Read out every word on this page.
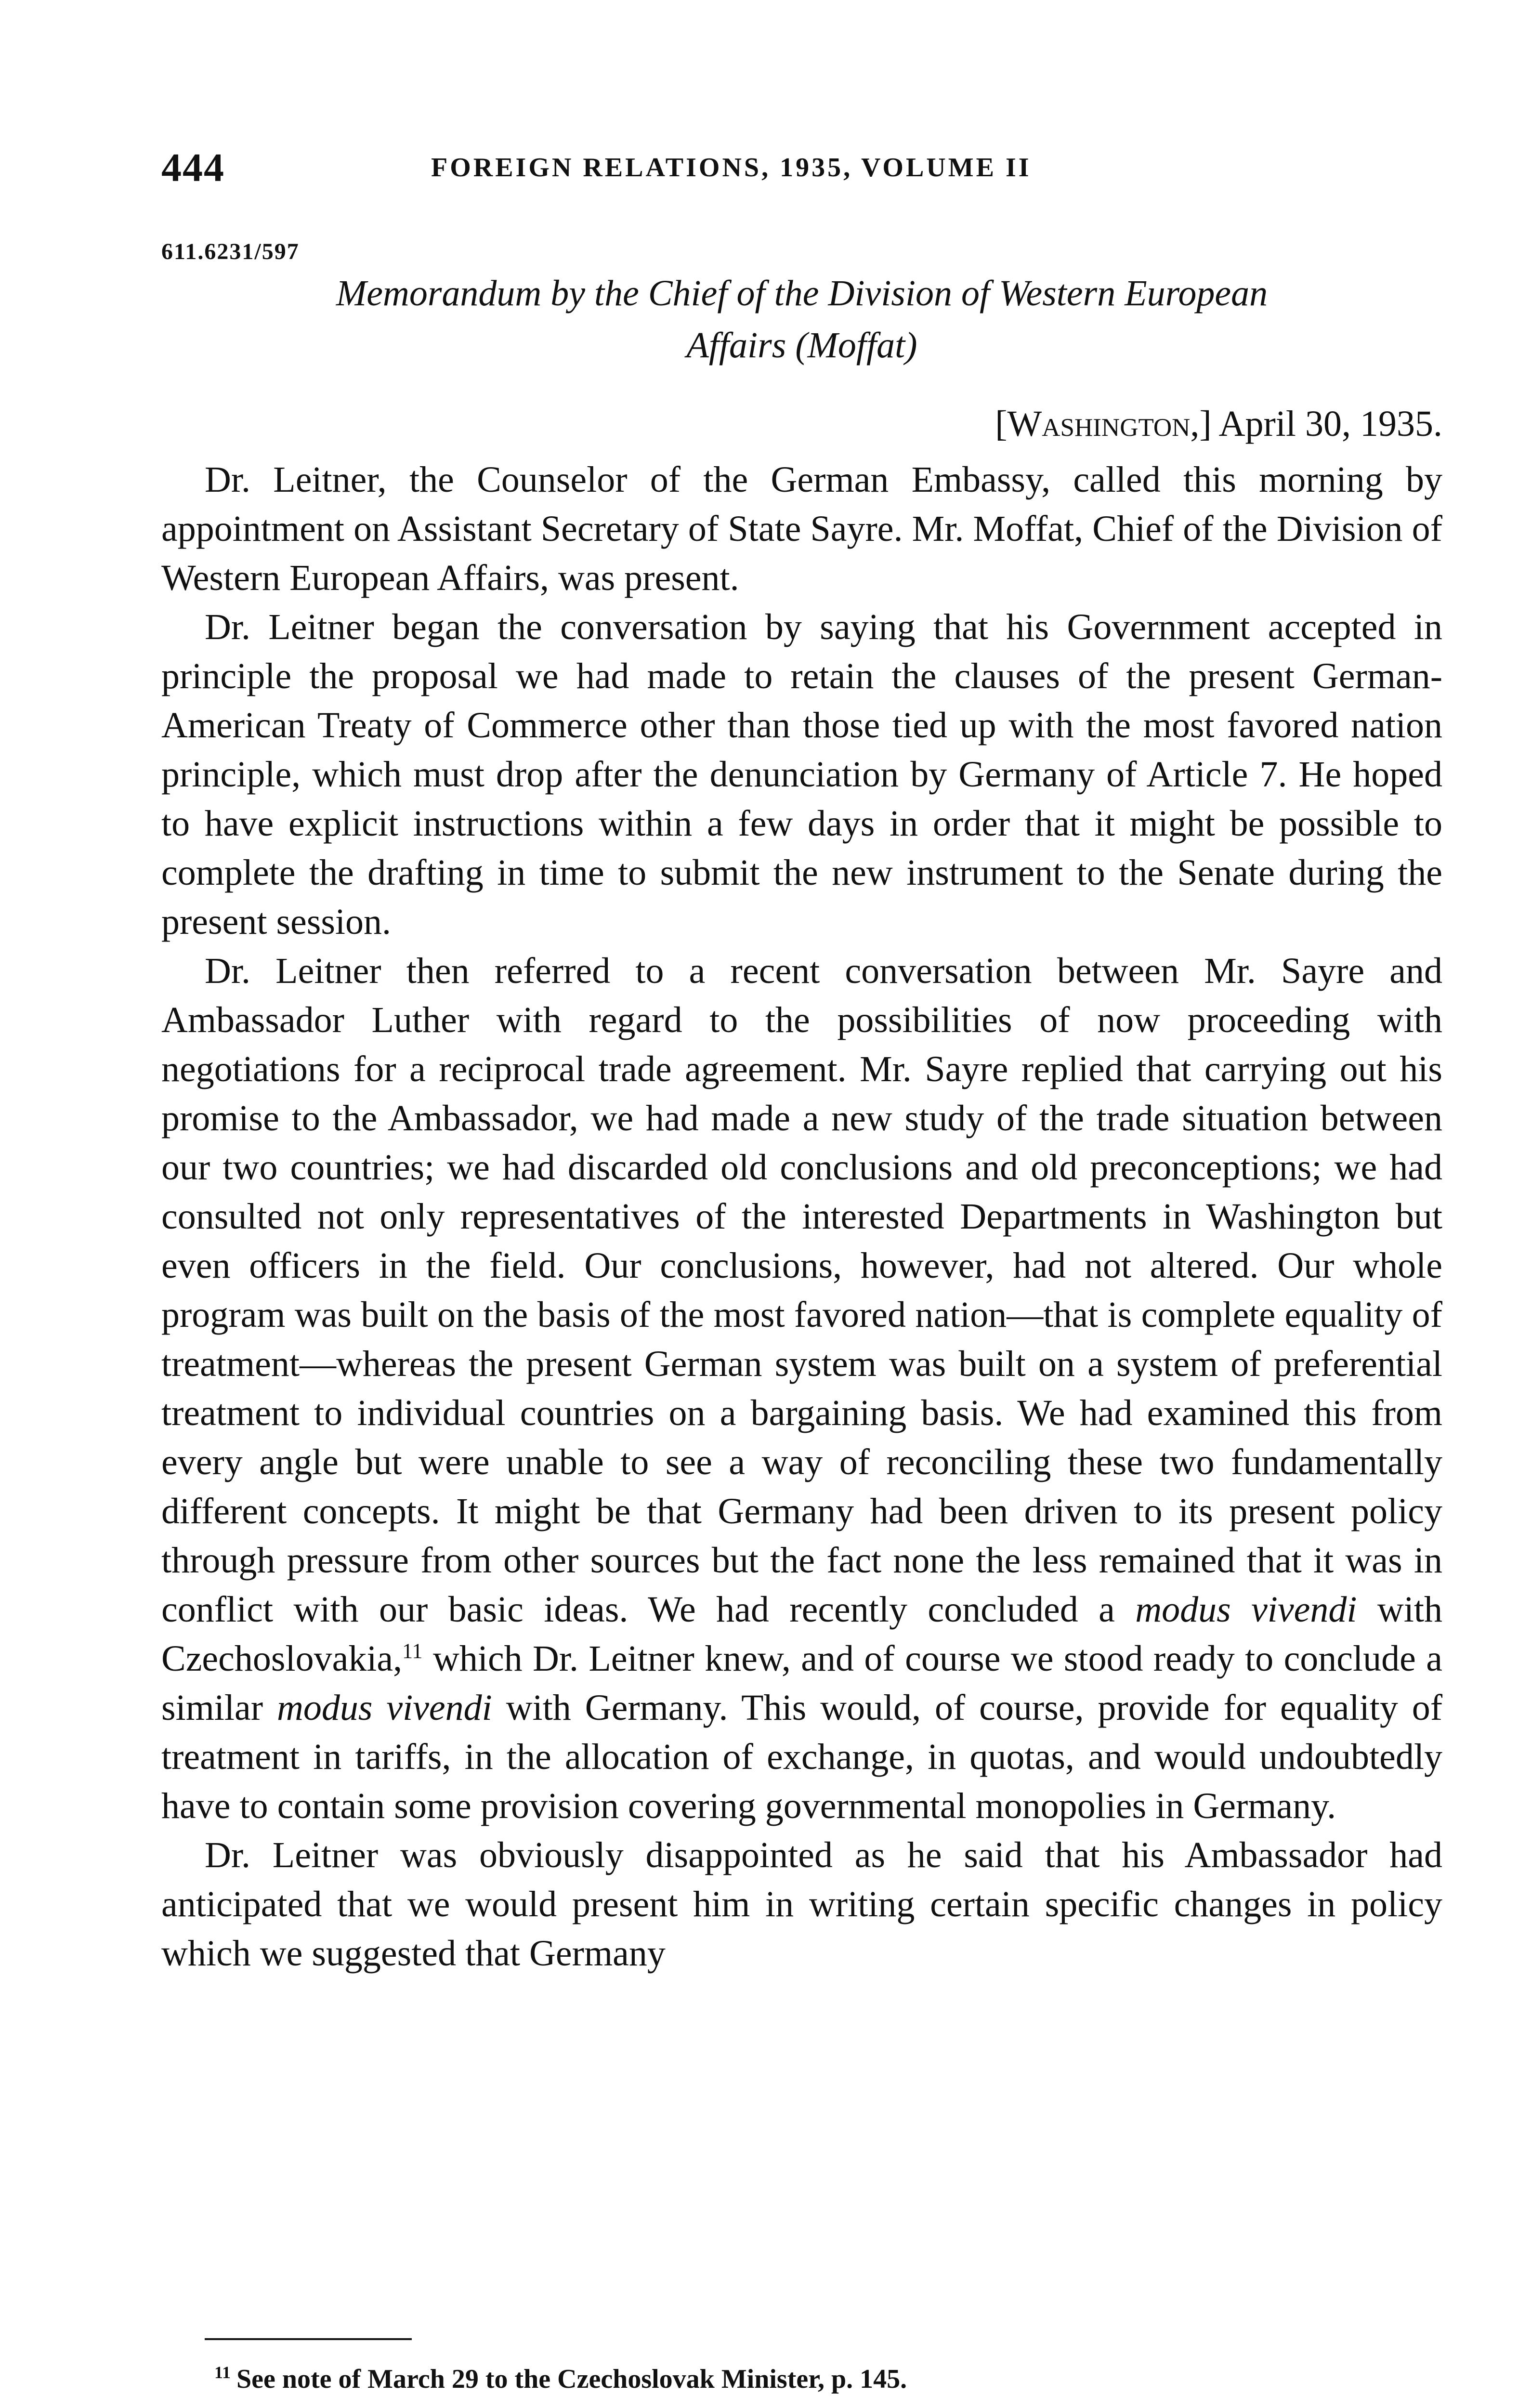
444	FOREIGN RELATIONS, 1935, VOLUME II
611.6231/597
Memorandum by the Chief of the Division of Western European
Affairs (Moffat)
[Washington,] April 30, 1935.

Dr. Leitner, the Counselor of the German Embassy, called this morning by appointment on Assistant Secretary of State Sayre. Mr. Moffat, Chief of the Division of Western European Affairs, was present.

Dr. Leitner began the conversation by saying that his Government accepted in principle the proposal we had made to retain the clauses of the present German-American Treaty of Commerce other than those tied up with the most favored nation principle, which must drop after the denunciation by Germany of Article 7. He hoped to have explicit instructions within a few days in order that it might be possible to complete the drafting in time to submit the new instrument to the Senate during the present session.

Dr. Leitner then referred to a recent conversation between Mr. Sayre and Ambassador Luther with regard to the possibilities of now proceeding with negotiations for a reciprocal trade agreement. Mr. Sayre replied that carrying out his promise to the Ambassador, we had made a new study of the trade situation between our two countries; we had discarded old conclusions and old preconceptions; we had consulted not only representatives of the interested Departments in Washington but even officers in the field. Our conclusions, however, had not altered. Our whole program was built on the basis of the most favored nation—that is complete equality of treatment—whereas the present German system was built on a system of preferential treatment to individual countries on a bargaining basis. We had examined this from every angle but were unable to see a way of reconciling these two fundamentally different concepts. It might be that Germany had been driven to its present policy through pressure from other sources but the fact none the less remained that it was in conflict with our basic ideas. We had recently concluded a modus vivendi with Czechoslovakia,$^{11}$ which Dr. Leitner knew, and of course we stood ready to conclude a similar modus vivendi with Germany. This would, of course, provide for equality of treatment in tariffs, in the allocation of exchange, in quotas, and would undoubtedly have to contain some provision covering governmental monopolies in Germany.

Dr. Leitner was obviously disappointed as he said that his Ambassador had anticipated that we would present him in writing certain specific changes in policy which we suggested that Germany

$^{11}$ See note of March 29 to the Czechoslovak Minister, p. 145.
